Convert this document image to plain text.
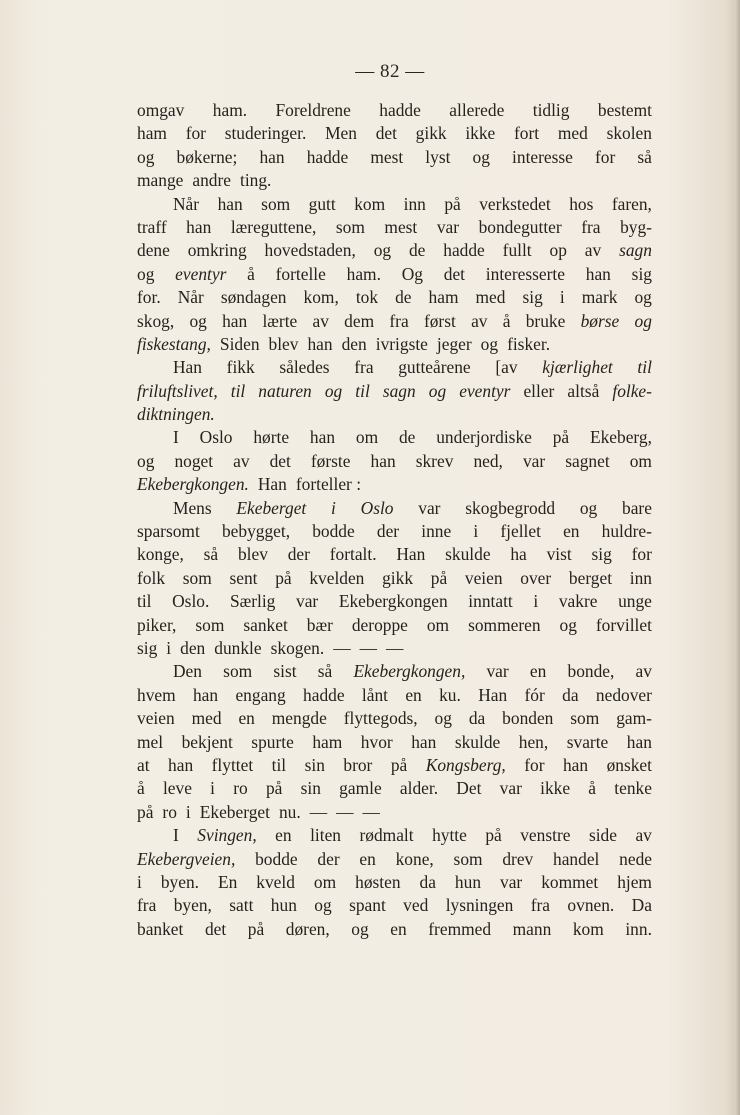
— 82 —
omgav ham. Foreldrene hadde allerede tidlig bestemt
ham for studeringer. Men det gikk ikke fort med skolen
og bøkerne; han hadde mest lyst og interesse for så
mange andre ting.
Når han som gutt kom inn på verkstedet hos faren,
traff han læreguttene, som mest var bondegutter fra byg-
dene omkring hovedstaden, og de hadde fullt op av sagn
og eventyr å fortelle ham. Og det interesserte han sig
for. Når søndagen kom, tok de ham med sig i mark og
skog, og han lærte av dem fra først av å bruke børse og
fiskestang, Siden blev han den ivrigste jeger og fisker.
Han fikk således fra gutteårene [av kjærlighet til
friluftslivet, til naturen og til sagn og eventyr eller altså folke-
diktningen.
I Oslo hørte han om de underjordiske på Ekeberg,
og noget av det første han skrev ned, var sagnet om
Ekebergkongen. Han forteller :
Mens Ekeberget i Oslo var skogbegrodd og bare
sparsomt bebygget, bodde der inne i fjellet en huldre-
konge, så blev der fortalt. Han skulde ha vist sig for
folk som sent på kvelden gikk på veien over berget inn
til Oslo. Særlig var Ekebergkongen inntatt i vakre unge
piker, som sanket bær deroppe om sommeren og forvillet
sig i den dunkle skogen. — — —
Den som sist så Ekebergkongen, var en bonde, av
hvem han engang hadde lånt en ku. Han fór da nedover
veien med en mengde flyttegods, og da bonden som gam-
mel bekjent spurte ham hvor han skulde hen, svarte han
at han flyttet til sin bror på Kongsberg, for han ønsket
å leve i ro på sin gamle alder. Det var ikke å tenke
på ro i Ekeberget nu. — — —
I Svingen, en liten rødmalt hytte på venstre side av
Ekebergveien, bodde der en kone, som drev handel nede
i byen. En kveld om høsten da hun var kommet hjem
fra byen, satt hun og spant ved lysningen fra ovnen. Da
banket det på døren, og en fremmed mann kom inn.
